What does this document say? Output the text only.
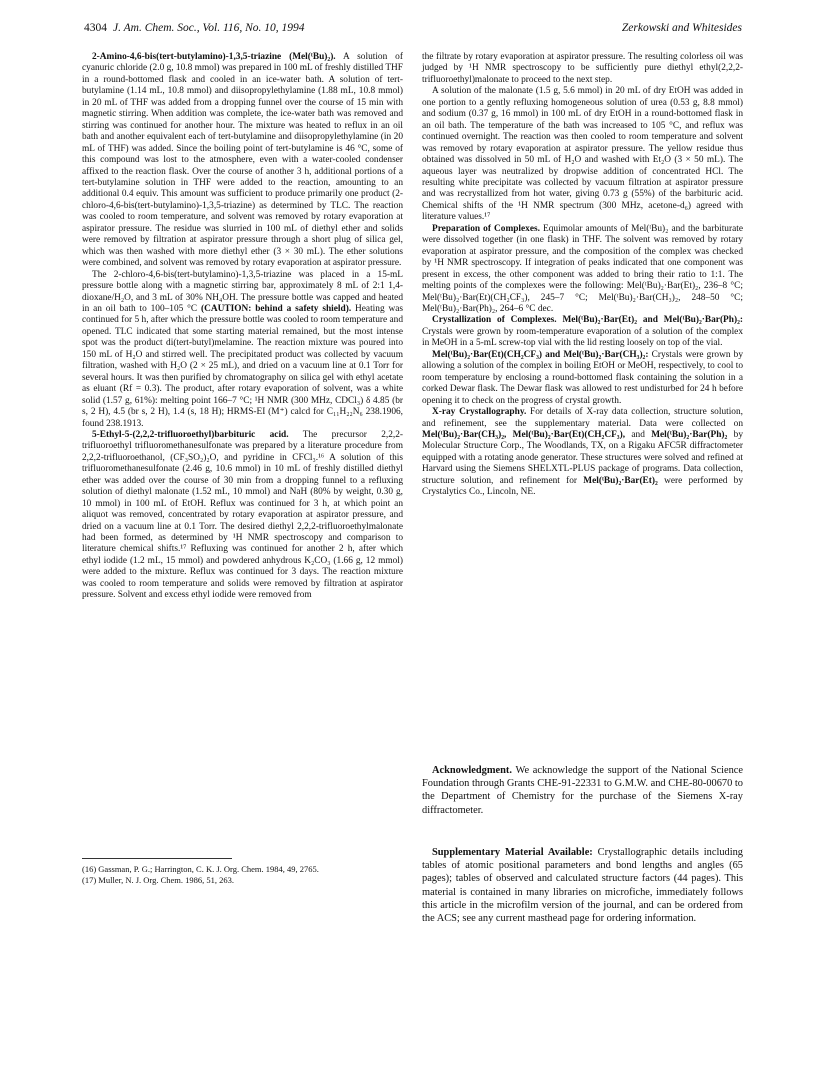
4304 J. Am. Chem. Soc., Vol. 116, No. 10, 1994	Zerkowski and Whitesides

2-Amino-4,6-bis(tert-butylamino)-1,3,5-triazine (Mel(ᵗBu)₂). A solution of cyanuric chloride (2.0 g, 10.8 mmol) was prepared in 100 mL of freshly distilled THF in a round-bottomed flask and cooled in an ice-water bath. A solution of tert-butylamine (1.14 mL, 10.8 mmol) and diisopropylethylamine (1.88 mL, 10.8 mmol) in 20 mL of THF was added from a dropping funnel over the course of 15 min with magnetic stirring. When addition was complete, the ice-water bath was removed and stirring was continued for another hour. The mixture was heated to reflux in an oil bath and another equivalent each of tert-butylamine and diisopropylethylamine (in 20 mL of THF) was added. Since the boiling point of tert-butylamine is 46 °C, some of this compound was lost to the atmosphere, even with a water-cooled condenser affixed to the reaction flask. Over the course of another 3 h, additional portions of a tert-butylamine solution in THF were added to the reaction, amounting to an additional 0.4 equiv. This amount was sufficient to produce primarily one product (2-chloro-4,6-bis(tert-butylamino)-1,3,5-triazine) as determined by TLC. The reaction was cooled to room temperature, and solvent was removed by rotary evaporation at aspirator pressure. The residue was slurried in 100 mL of diethyl ether and solids were removed by filtration at aspirator pressure through a short plug of silica gel, which was then washed with more diethyl ether (3 × 30 mL). The ether solutions were combined, and solvent was removed by rotary evaporation at aspirator pressure.

The 2-chloro-4,6-bis(tert-butylamino)-1,3,5-triazine was placed in a 15-mL pressure bottle along with a magnetic stirring bar, approximately 8 mL of 2:1 1,4-dioxane/H₂O, and 3 mL of 30% NH₄OH. The pressure bottle was capped and heated in an oil bath to 100–105 °C (CAUTION: behind a safety shield). Heating was continued for 5 h, after which the pressure bottle was cooled to room temperature and opened. TLC indicated that some starting material remained, but the most intense spot was the product di(tert-butyl)melamine. The reaction mixture was poured into 150 mL of H₂O and stirred well. The precipitated product was collected by vacuum filtration, washed with H₂O (2 × 25 mL), and dried on a vacuum line at 0.1 Torr for several hours. It was then purified by chromatography on silica gel with ethyl acetate as eluant (Rf = 0.3). The product, after rotary evaporation of solvent, was a white solid (1.57 g, 61%): melting point 166–7 °C; ¹H NMR (300 MHz, CDCl₃) δ 4.85 (br s, 2 H), 4.5 (br s, 2 H), 1.4 (s, 18 H); HRMS-EI (M⁺) calcd for C₁₁H₂₂N₆ 238.1906, found 238.1913.

5-Ethyl-5-(2,2,2-trifluoroethyl)barbituric acid. The precursor 2,2,2-trifluoroethyl trifluoromethanesulfonate was prepared by a literature procedure from 2,2,2-trifluoroethanol, (CF₃SO₂)₂O, and pyridine in CFCl₃.¹⁶ A solution of this trifluoromethanesulfonate (2.46 g, 10.6 mmol) in 10 mL of freshly distilled diethyl ether was added over the course of 30 min from a dropping funnel to a refluxing solution of diethyl malonate (1.52 mL, 10 mmol) and NaH (80% by weight, 0.30 g, 10 mmol) in 100 mL of EtOH. Reflux was continued for 3 h, at which point an aliquot was removed, concentrated by rotary evaporation at aspirator pressure, and dried on a vacuum line at 0.1 Torr. The desired diethyl 2,2,2-trifluoroethylmalonate had been formed, as determined by ¹H NMR spectroscopy and comparison to literature chemical shifts.¹⁷ Refluxing was continued for another 2 h, after which ethyl iodide (1.2 mL, 15 mmol) and powdered anhydrous K₂CO₃ (1.66 g, 12 mmol) were added to the mixture. Reflux was continued for 3 days. The reaction mixture was cooled to room temperature and solids were removed by filtration at aspirator pressure. Solvent and excess ethyl iodide were removed from

(16) Gassman, P. G.; Harrington, C. K. J. Org. Chem. 1984, 49, 2765.
(17) Muller, N. J. Org. Chem. 1986, 51, 263.

the filtrate by rotary evaporation at aspirator pressure. The resulting colorless oil was judged by ¹H NMR spectroscopy to be sufficiently pure diethyl ethyl(2,2,2-trifluoroethyl)malonate to proceed to the next step.

A solution of the malonate (1.5 g, 5.6 mmol) in 20 mL of dry EtOH was added in one portion to a gently refluxing homogeneous solution of urea (0.53 g, 8.8 mmol) and sodium (0.37 g, 16 mmol) in 100 mL of dry EtOH in a round-bottomed flask in an oil bath. The temperature of the bath was increased to 105 °C, and reflux was continued overnight. The reaction was then cooled to room temperature and solvent was removed by rotary evaporation at aspirator pressure. The yellow residue thus obtained was dissolved in 50 mL of H₂O and washed with Et₂O (3 × 50 mL). The aqueous layer was neutralized by dropwise addition of concentrated HCl. The resulting white precipitate was collected by vacuum filtration at aspirator pressure and was recrystallized from hot water, giving 0.73 g (55%) of the barbituric acid. Chemical shifts of the ¹H NMR spectrum (300 MHz, acetone-d₆) agreed with literature values.¹⁷

Preparation of Complexes. Equimolar amounts of Mel(ᵗBu)₂ and the barbiturate were dissolved together (in one flask) in THF. The solvent was removed by rotary evaporation at aspirator pressure, and the composition of the complex was checked by ¹H NMR spectroscopy. If integration of peaks indicated that one component was present in excess, the other component was added to bring their ratio to 1:1. The melting points of the complexes were the following: Mel(ᵗBu)₂·Bar(Et)₂, 236–8 °C; Mel(ᵗBu)₂·Bar(Et)(CH₂CF₃), 245–7 °C; Mel(ᵗBu)₂·Bar(CH₃)₂, 248–50 °C; Mel(ᵗBu)₂·Bar(Ph)₂, 264–6 °C dec.

Crystallization of Complexes. Mel(ᵗBu)₂·Bar(Et)₂ and Mel(ᵗBu)₂·Bar(Ph)₂: Crystals were grown by room-temperature evaporation of a solution of the complex in MeOH in a 5-mL screw-top vial with the lid resting loosely on top of the vial.

Mel(ᵗBu)₂·Bar(Et)(CH₂CF₃) and Mel(ᵗBu)₂·Bar(CH₃)₂: Crystals were grown by allowing a solution of the complex in boiling EtOH or MeOH, respectively, to cool to room temperature by enclosing a round-bottomed flask containing the solution in a corked Dewar flask. The Dewar flask was allowed to rest undisturbed for 24 h before opening it to check on the progress of crystal growth.

X-ray Crystallography. For details of X-ray data collection, structure solution, and refinement, see the supplementary material. Data were collected on Mel(ᵗBu)₂·Bar(CH₃)₂, Mel(ᵗBu)₂·Bar(Et)(CH₂CF₃), and Mel(ᵗBu)₂·Bar(Ph)₂ by Molecular Structure Corp., The Woodlands, TX, on a Rigaku AFC5R diffractometer equipped with a rotating anode generator. These structures were solved and refined at Harvard using the Siemens SHELXTL-PLUS package of programs. Data collection, structure solution, and refinement for Mel(ᵗBu)₂·Bar(Et)₂ were performed by Crystalytics Co., Lincoln, NE.

Acknowledgment. We acknowledge the support of the National Science Foundation through Grants CHE-91-22331 to G.M.W. and CHE-80-00670 to the Department of Chemistry for the purchase of the Siemens X-ray diffractometer.

Supplementary Material Available: Crystallographic details including tables of atomic positional parameters and bond lengths and angles (65 pages); tables of observed and calculated structure factors (44 pages). This material is contained in many libraries on microfiche, immediately follows this article in the microfilm version of the journal, and can be ordered from the ACS; see any current masthead page for ordering information.
